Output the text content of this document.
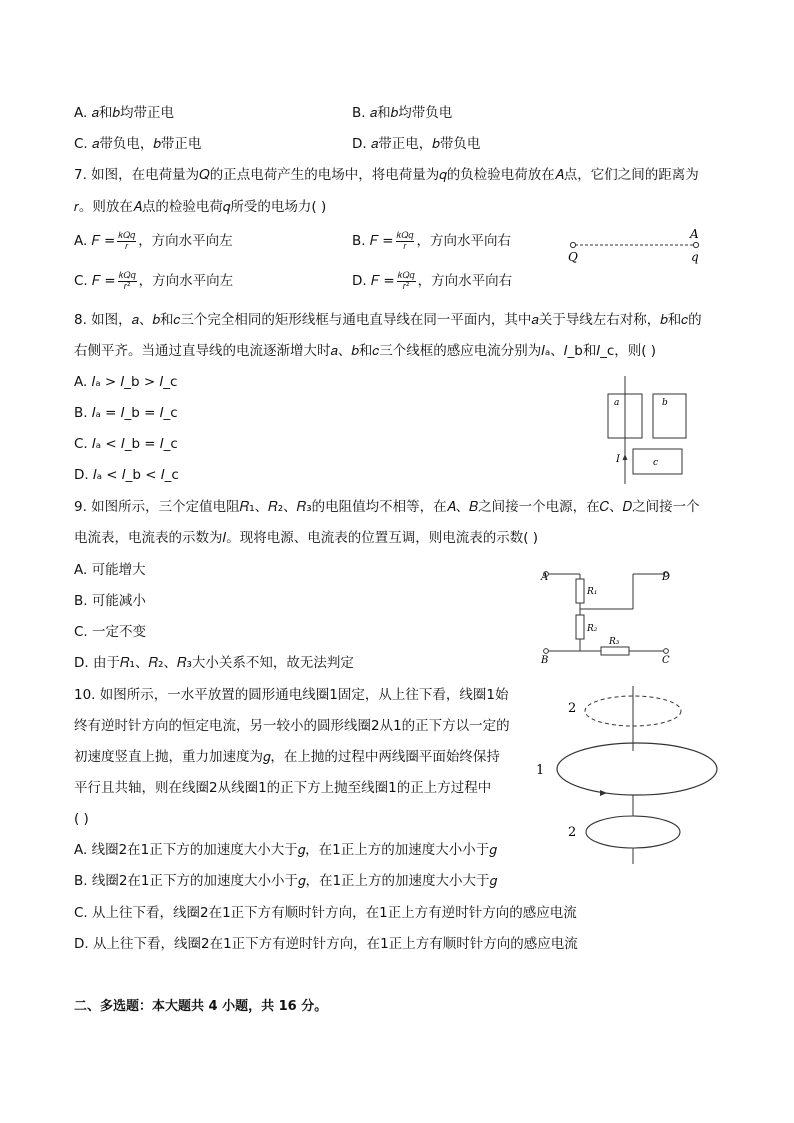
A. 𝑎和𝑏均带正电	B. 𝑎和𝑏均带负电
C. 𝑎带负电，𝑏带正电	D. 𝑎带正电，𝑏带负电
7. 如图，在电荷量为𝑄的正点电荷产生的电场中，将电荷量为𝑞的负检验电荷放在𝐴点，它们之间的距离为
𝑟。则放在𝐴点的检验电荷𝑞所受的电场力( )
A. 𝐹 = $\frac{\text{𝑘𝑄𝑞}}{\text{𝑟}}$ ，方向水平向左	B. 𝐹 = $\frac{\text{𝑘𝑄𝑞}}{\text{𝑟}}$ ，方向水平向右
C. 𝐹 = $\frac{\text{𝑘𝑄𝑞}}{\text{𝑟²}}$ ，方向水平向左	D. 𝐹 = $\frac{\text{𝑘𝑄𝑞}}{\text{𝑟²}}$ ，方向水平向右
A
Q	q
8. 如图，𝑎、𝑏和𝑐三个完全相同的矩形线框与通电直导线在同一平面内，其中𝑎关于导线左右对称，𝑏和𝑐的
右侧平齐。当通过直导线的电流逐渐增大时𝑎、𝑏和𝑐三个线框的感应电流分别为𝐼ₐ、𝐼_b和𝐼_c，则( )
A. 𝐼ₐ > 𝐼_b > 𝐼_c
B. 𝐼ₐ = 𝐼_b = 𝐼_c
C. 𝐼ₐ < 𝐼_b = 𝐼_c
D. 𝐼ₐ < 𝐼_b < 𝐼_c
a	b
c
I
9. 如图所示，三个定值电阻𝑅₁、𝑅₂、𝑅₃的电阻值均不相等，在𝐴、𝐵之间接一个电源，在𝐶、𝐷之间接一个
电流表，电流表的示数为𝐼。现将电源、电流表的位置互调，则电流表的示数( )
A. 可能增大
B. 可能减小
C. 一定不变
D. 由于𝑅₁、𝑅₂、𝑅₃大小关系不知，故无法判定
A	D
B	C
R₁
R₂
R₃
10. 如图所示，一水平放置的圆形通电线圈1固定，从上往下看，线圈1始
终有逆时针方向的恒定电流，另一较小的圆形线圈2从1的正下方以一定的
初速度竖直上抛，重力加速度为𝑔，在上抛的过程中两线圈平面始终保持
平行且共轴，则在线圈2从线圈1的正下方上抛至线圈1的正上方过程中
( )
A. 线圈2在1正下方的加速度大小大于𝑔，在1正上方的加速度大小小于𝑔
B. 线圈2在1正下方的加速度大小小于𝑔，在1正上方的加速度大小大于𝑔
C. 从上往下看，线圈2在1正下方有顺时针方向，在1正上方有逆时针方向的感应电流
D. 从上往下看，线圈2在1正下方有逆时针方向，在1正上方有顺时针方向的感应电流
2
1
2
二、多选题：本大题共 4 小题，共 16 分。
